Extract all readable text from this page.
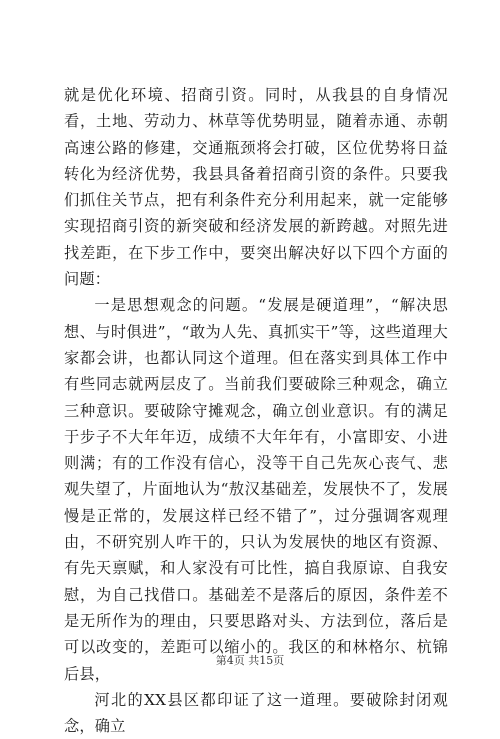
就是优化环境、招商引资。同时，从我县的自身情况看，土地、劳动力、林草等优势明显，随着赤通、赤朝高速公路的修建，交通瓶颈将会打破，区位优势将日益转化为经济优势，我县具备着招商引资的条件。只要我们抓住关节点，把有利条件充分利用起来，就一定能够实现招商引资的新突破和经济发展的新跨越。对照先进找差距，在下步工作中，要突出解决好以下四个方面的问题：

一是思想观念的问题。“发展是硬道理”，“解决思想、与时俱进”，“敢为人先、真抓实干”等，这些道理大家都会讲，也都认同这个道理。但在落实到具体工作中有些同志就两层皮了。当前我们要破除三种观念，确立三种意识。要破除守摊观念，确立创业意识。有的满足于步子不大年年迈，成绩不大年年有，小富即安、小进则满；有的工作没有信心，没等干自己先灰心丧气、悲观失望了，片面地认为“敖汉基础差，发展快不了，发展慢是正常的，发展这样已经不错了”，过分强调客观理由，不研究别人咋干的，只认为发展快的地区有资源、有先天禀赋，和人家没有可比性，搞自我原谅、自我安慰，为自己找借口。基础差不是落后的原因，条件差不是无所作为的理由，只要思路对头、方法到位，落后是可以改变的，差距可以缩小的。我区的和林格尔、杭锦后县，

河北的XX县区都印证了这一道理。要破除封闭观念，确立

第4页 共15页
